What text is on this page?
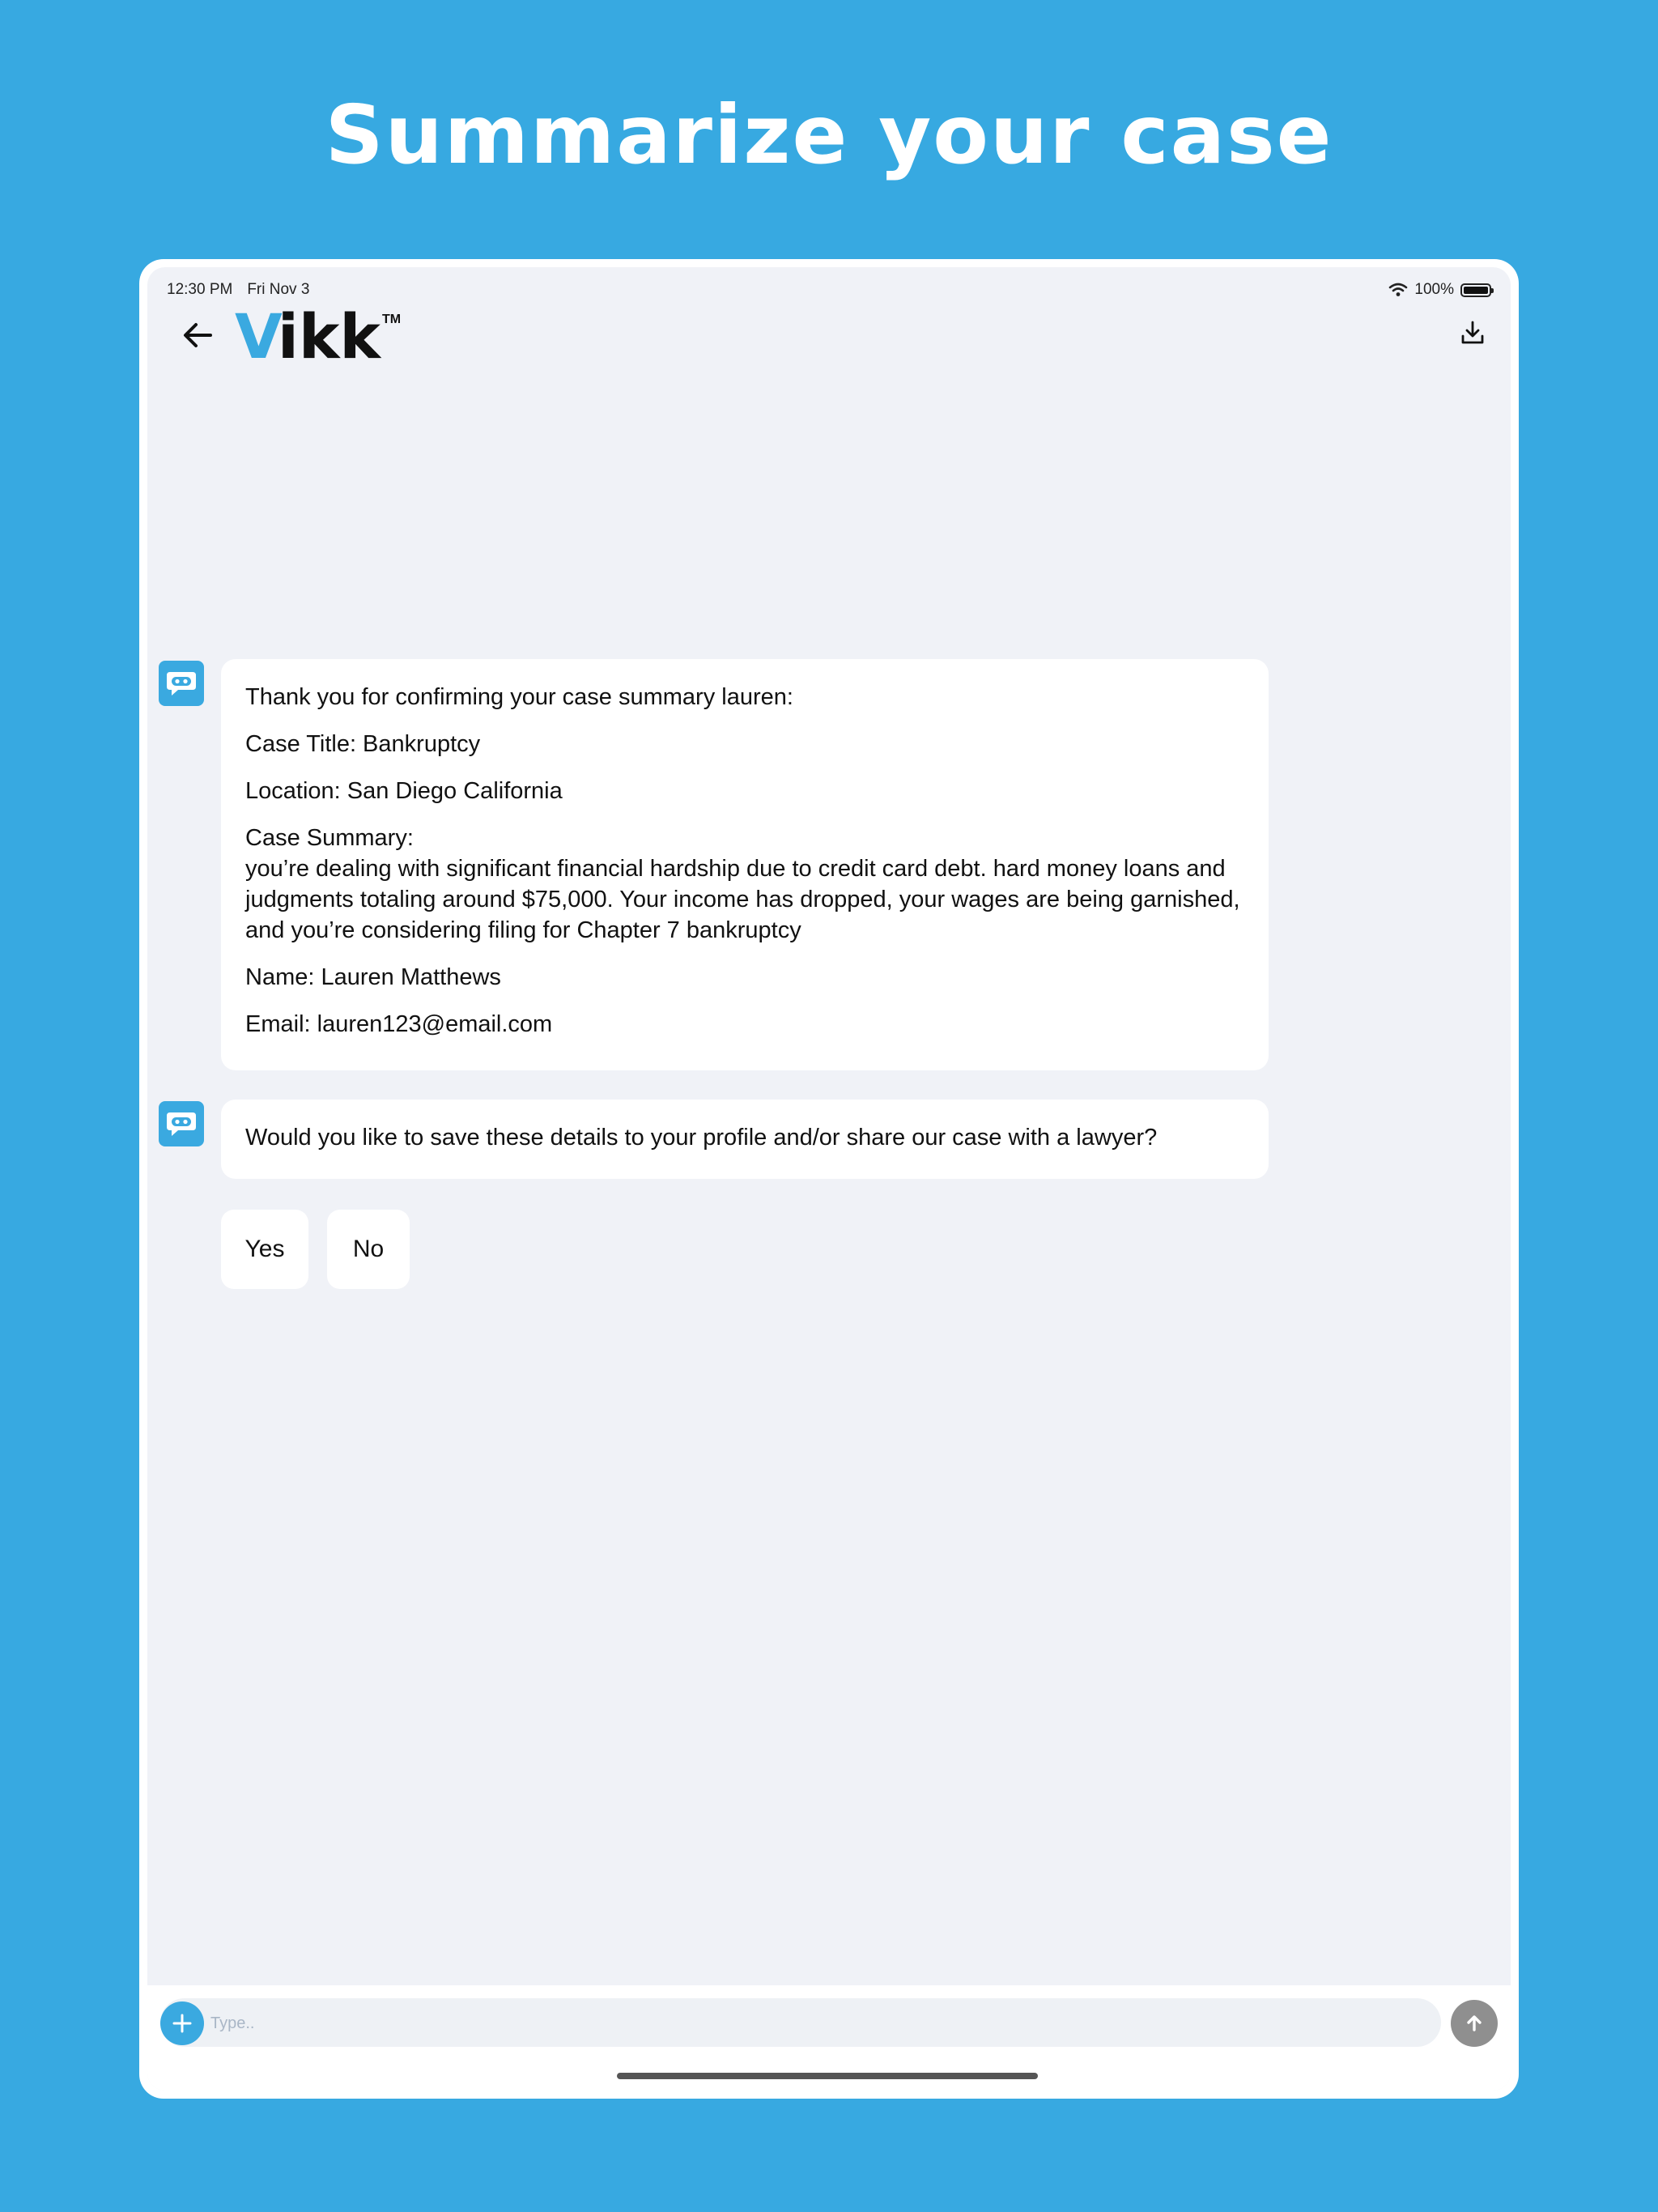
Summarize your case
12:30 PM Fri Nov 3	100%
V
ikk TM

Thank you for confirming your case summary lauren:

Case Title: Bankruptcy

Location: San Diego California

Case Summary:
you’re dealing with significant financial hardship due to credit card debt. hard money loans and judgments totaling around $75,000. Your income has dropped, your wages are being garnished, and you’re considering filing for Chapter 7 bankruptcy

Name: Lauren Matthews

Email: lauren123@email.com

Would you like to save these details to your profile and/or share our case with a lawyer?

Yes	No
Type..
